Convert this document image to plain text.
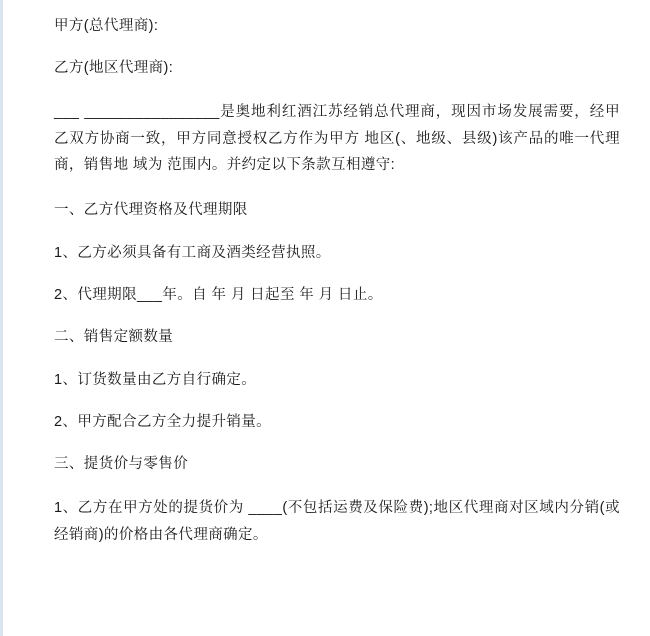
甲方(总代理商):

乙方(地区代理商):

___ ________________是奥地利红酒江苏经销总代理商，现因市场发展需要，经甲乙双方协商一致，甲方同意授权乙方作为甲方 地区(、地级、县级)该产品的唯一代理商，销售地 域为 范围内。并约定以下条款互相遵守:

一、乙方代理资格及代理期限

1、乙方必须具备有工商及酒类经营执照。

2、代理期限___年。自 年 月 日起至 年 月 日止。

二、销售定额数量

1、订货数量由乙方自行确定。

2、甲方配合乙方全力提升销量。

三、提货价与零售价

1、乙方在甲方处的提货价为 ____(不包括运费及保险费);地区代理商对区域内分销(或经销商)的价格由各代理商确定。
